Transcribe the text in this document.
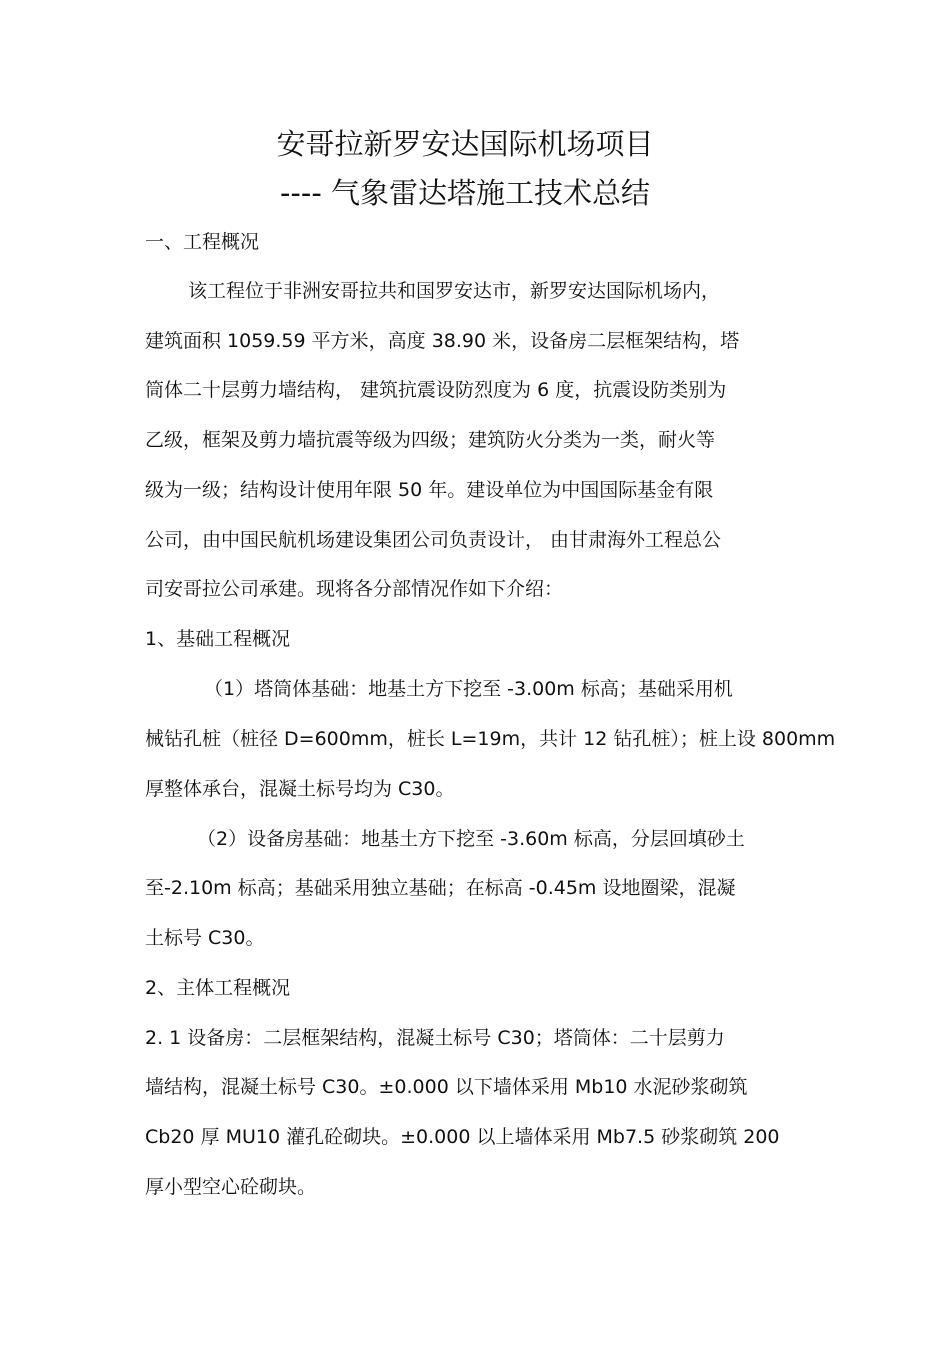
安哥拉新罗安达国际机场项目
---- 气象雷达塔施工技术总结
一、工程概况
该工程位于非洲安哥拉共和国罗安达市，新罗安达国际机场内，
建筑面积 1059.59 平方米，高度 38.90 米，设备房二层框架结构，塔
筒体二十层剪力墙结构， 建筑抗震设防烈度为 6 度，抗震设防类别为
乙级，框架及剪力墙抗震等级为四级；建筑防火分类为一类，耐火等
级为一级；结构设计使用年限 50 年。建设单位为中国国际基金有限
公司，由中国民航机场建设集团公司负责设计， 由甘肃海外工程总公
司安哥拉公司承建。现将各分部情况作如下介绍：
1、基础工程概况
（1）塔筒体基础：地基土方下挖至 -3.00m 标高；基础采用机
械钻孔桩（桩径 D=600mm，桩长 L=19m，共计 12 钻孔桩）；桩上设 800mm
厚整体承台，混凝土标号均为 C30。
（2）设备房基础：地基土方下挖至 -3.60m 标高，分层回填砂土
至-2.10m 标高；基础采用独立基础；在标高 -0.45m 设地圈梁，混凝
土标号 C30。
2、主体工程概况
2. 1 设备房：二层框架结构，混凝土标号 C30；塔筒体：二十层剪力
墙结构，混凝土标号 C30。±0.000 以下墙体采用 Mb10 水泥砂浆砌筑
Cb20 厚 MU10 灌孔砼砌块。±0.000 以上墙体采用 Mb7.5 砂浆砌筑 200
厚小型空心砼砌块。
